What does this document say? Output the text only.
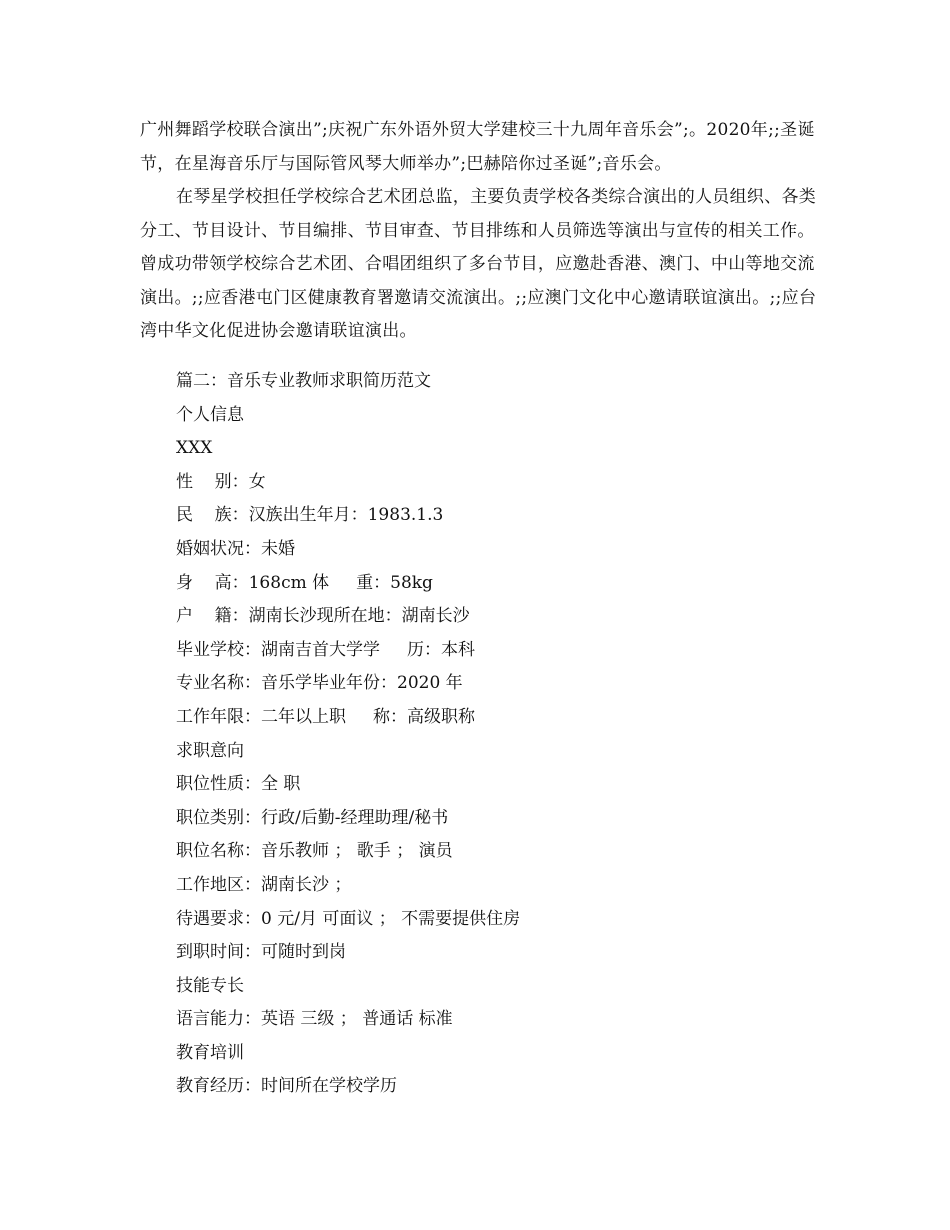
广州舞蹈学校联合演出”;庆祝广东外语外贸大学建校三十九周年音乐会”;。2020年;;圣诞节，在星海音乐厅与国际管风琴大师举办”;巴赫陪你过圣诞”;音乐会。

在琴星学校担任学校综合艺术团总监，主要负责学校各类综合演出的人员组织、各类分工、节目设计、节目编排、节目审查、节目排练和人员筛选等演出与宣传的相关工作。曾成功带领学校综合艺术团、合唱团组织了多台节目，应邀赴香港、澳门、中山等地交流演出。;;应香港屯门区健康教育署邀请交流演出。;;应澳门文化中心邀请联谊演出。;;应台湾中华文化促进协会邀请联谊演出。

篇二：音乐专业教师求职简历范文
个人信息
XXX
性    别：女
民    族：汉族出生年月：1983.1.3
婚姻状况：未婚
身    高：168cm 体     重：58kg
户    籍：湖南长沙现所在地：湖南长沙
毕业学校：湖南吉首大学学     历：本科
专业名称：音乐学毕业年份：2020 年
工作年限：二年以上职     称：高级职称
求职意向
职位性质：全 职
职位类别：行政/后勤-经理助理/秘书
职位名称：音乐教师 ； 歌手 ； 演员
工作地区：湖南长沙 ；
待遇要求：0 元/月 可面议 ； 不需要提供住房
到职时间：可随时到岗
技能专长
语言能力：英语 三级 ； 普通话 标准
教育培训
教育经历：时间所在学校学历
